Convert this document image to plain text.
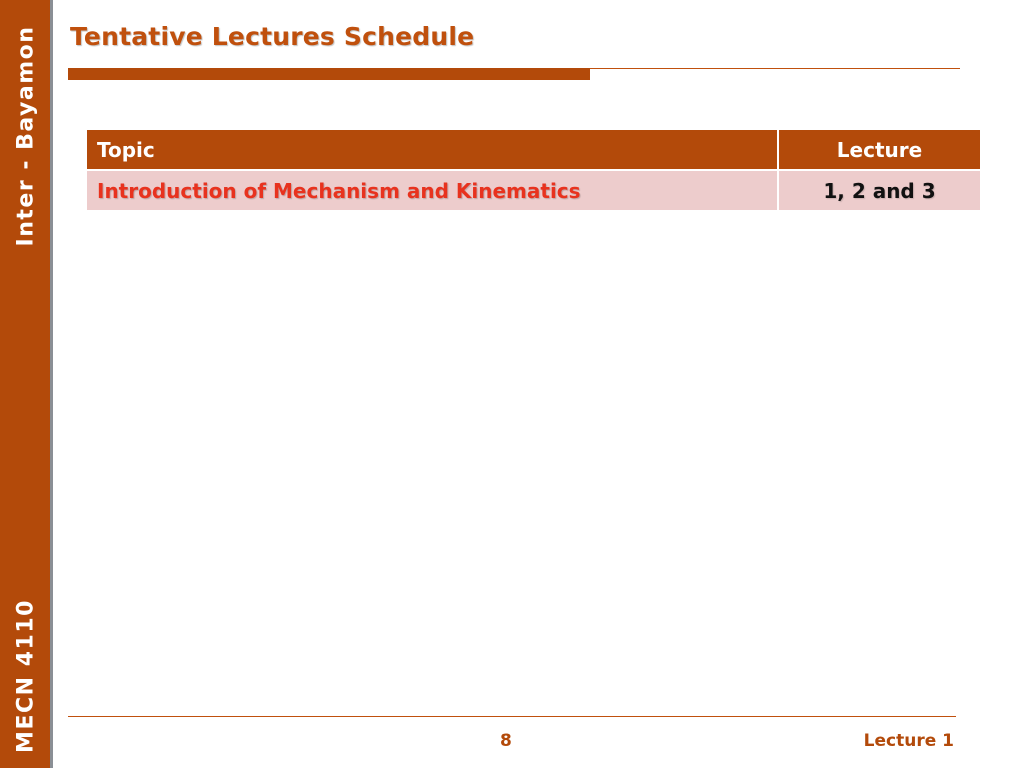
Inter - Bayamon
MECN 4110
Tentative Lectures Schedule
Topic	Lecture
Introduction of Mechanism and Kinematics	1, 2 and 3
8	Lecture 1
